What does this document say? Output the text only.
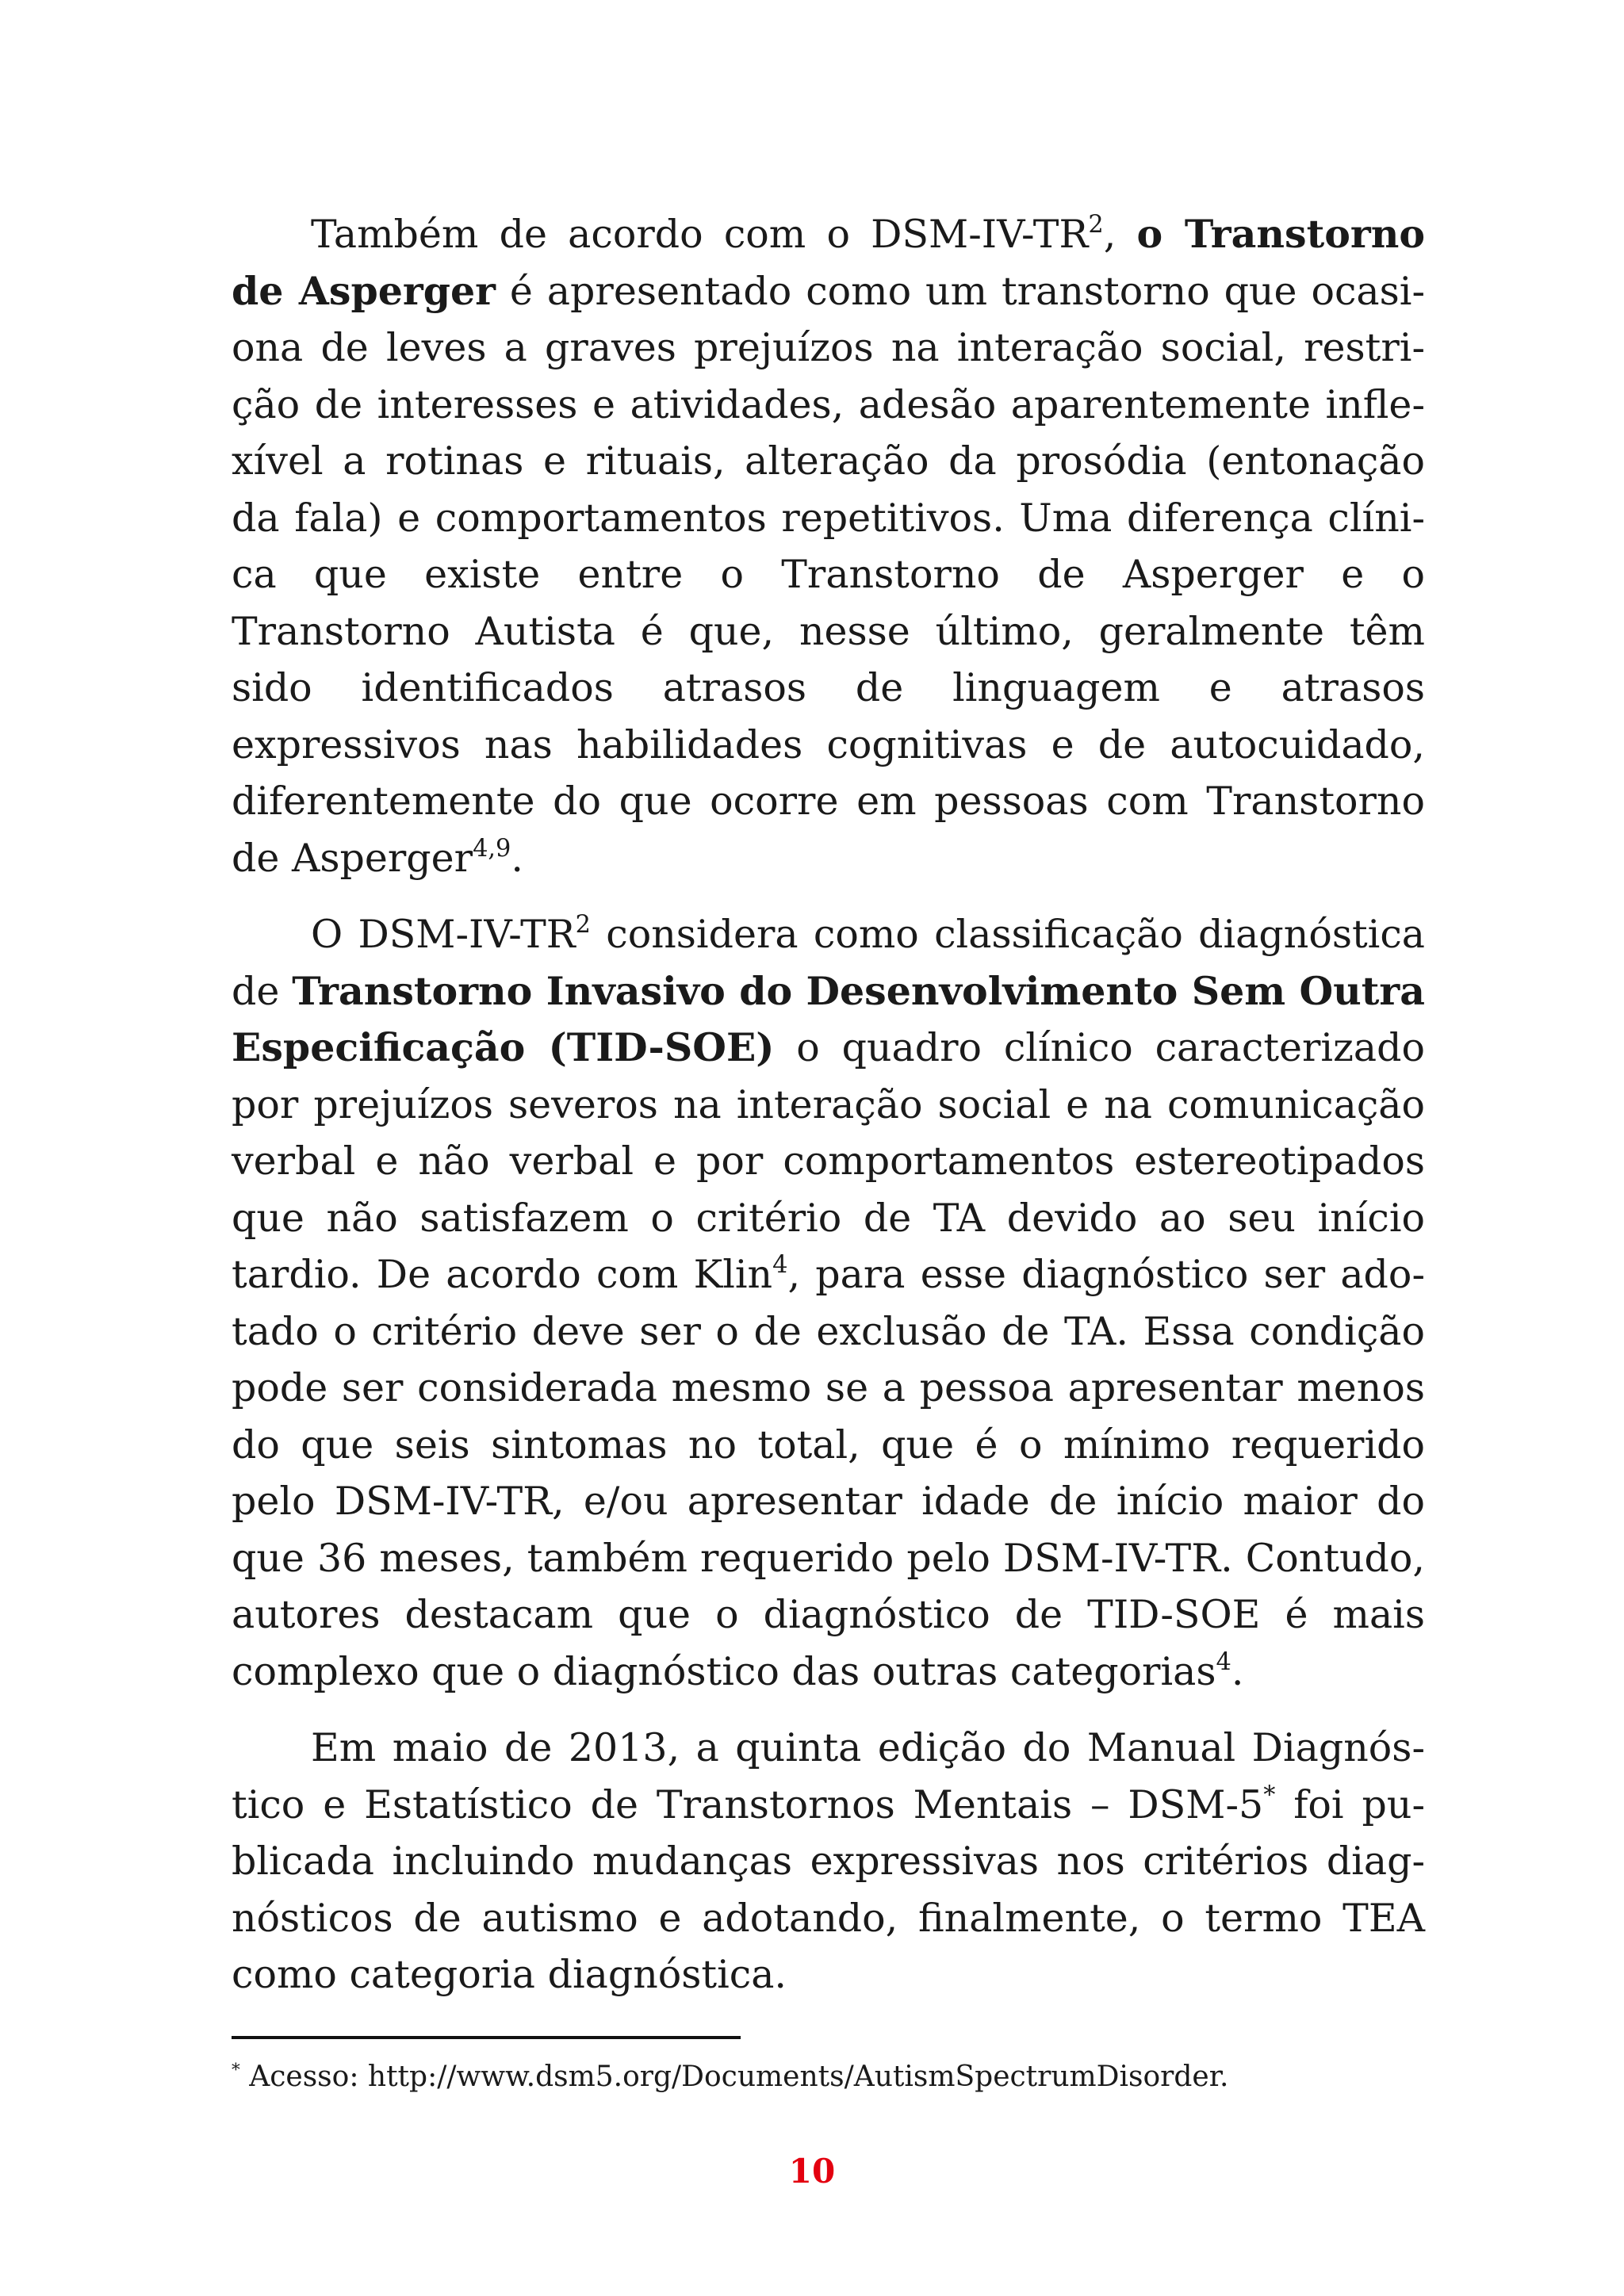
Também de acordo com o DSM-$IV-TR^2$, o Transtorno de Asperger é apresentado como um transtorno que ocasiona de leves a graves prejuízos na interação social, restrição de interesses e atividades, adesão aparentemente inflexível a rotinas e rituais, alteração da prosódia (entonação da fala) e comportamentos repetitivos. Uma diferença clínica que existe entre o Transtorno de Asperger e o Transtorno Autista é que, nesse último, geralmente têm sido identificados atrasos de linguagem e atrasos expressivos nas habilidades cognitivas e de autocuidado, diferentemente do que ocorre em pessoas com Transtorno de Asperger$^{4,9}$.

O DSM-$IV-TR^2$ considera como classificação diagnóstica de Transtorno Invasivo do Desenvolvimento Sem Outra Especificação (TID-SOE) o quadro clínico caracterizado por prejuízos severos na interação social e na comunicação verbal e não verbal e por comportamentos estereotipados que não satisfazem o critério de TA devido ao seu início tardio. De acordo com Klin$^4$, para esse diagnóstico ser adotado o critério deve ser o de exclusão de TA. Essa condição pode ser considerada mesmo se a pessoa apresentar menos do que seis sintomas no total, que é o mínimo requerido pelo DSM-IV-TR, e/ou apresentar idade de início maior do que 36 meses, também requerido pelo DSM-IV-TR. Contudo, autores destacam que o diagnóstico de TID-SOE é mais complexo que o diagnóstico das outras categorias$^4$.

Em maio de 2013, a quinta edição do Manual Diagnóstico e Estatístico de Transtornos Mentais – DSM-5* foi publicada incluindo mudanças expressivas nos critérios diagnósticos de autismo e adotando, finalmente, o termo TEA como categoria diagnóstica.

* Acesso: http://www.dsm5.org/Documents/AutismSpectrumDisorder.
10
